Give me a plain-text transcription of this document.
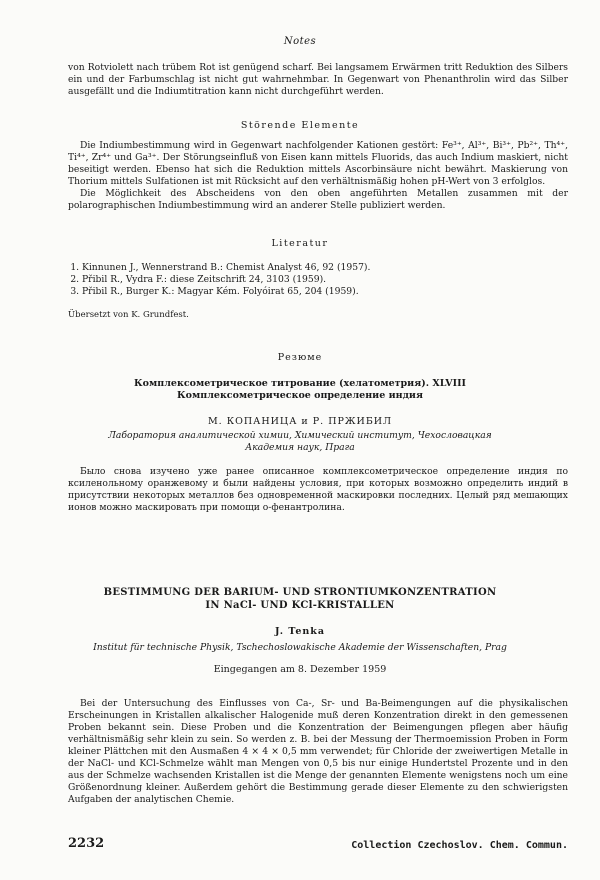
Notes

von Rotviolett nach trübem Rot ist genügend scharf. Bei langsamem Erwärmen tritt Reduktion des Silbers ein und der Farbumschlag ist nicht gut wahrnehmbar. In Gegenwart von Phenanthrolin wird das Silber ausgefällt und die Indiumtitration kann nicht durchgeführt werden.

Störende Elemente

Die Indiumbestimmung wird in Gegenwart nachfolgender Kationen gestört: Fe³⁺, Al³⁺, Bi³⁺, Pb²⁺, Th⁴⁺, Ti⁴⁺, Zr⁴⁺ und Ga³⁺. Der Störungseinfluß von Eisen kann mittels Fluorids, das auch Indium maskiert, nicht beseitigt werden. Ebenso hat sich die Reduktion mittels Ascorbinsäure nicht bewährt. Maskierung von Thorium mittels Sulfationen ist mit Rücksicht auf den verhältnismäßig hohen pH-Wert von 3 erfolglos.

Die Möglichkeit des Abscheidens von den oben angeführten Metallen zusammen mit der polarographischen Indiumbestimmung wird an anderer Stelle publiziert werden.

Literatur
1. Kinnunen J., Wennerstrand B.: Chemist Analyst 46, 92 (1957).
2. Přibil R., Vydra F.: diese Zeitschrift 24, 3103 (1959).
3. Přibil R., Burger K.: Magyar Kém. Folyóirat 65, 204 (1959).
Übersetzt von K. Grundfest.
Резюме
Комплексометрическое титрование (хелатометрия). XLVIII
Комплексометрическое определение индия
М. КОПАНИЦА и Р. ПРЖИБИЛ
Лаборатория аналитической химии, Химический институт, Чехословацкая Академия наук, Прага

Было снова изучено уже ранее описанное комплексометрическое определение индия по ксиленольному оранжевому и были найдены условия, при которых возможно определить индий в присутствии некоторых металлов без одновременной маскировки последних. Целый ряд мешающих ионов можно маскировать при помощи о-фенантролина.

BESTIMMUNG DER BARIUM- UND STRONTIUMKONZENTRATION
IN NaCl- UND KCl-KRISTALLEN
J. Tenka
Institut für technische Physik, Tschechoslowakische Akademie der Wissenschaften, Prag
Eingegangen am 8. Dezember 1959

Bei der Untersuchung des Einflusses von Ca-, Sr- und Ba-Beimengungen auf die physikalischen Erscheinungen in Kristallen alkalischer Halogenide muß deren Konzentration direkt in den gemessenen Proben bekannt sein. Diese Proben und die Konzentration der Beimengungen pflegen aber häufig verhältnismäßig sehr klein zu sein. So werden z. B. bei der Messung der Thermoemission Proben in Form kleiner Plättchen mit den Ausmaßen 4 × 4 × 0,5 mm verwendet; für Chloride der zweiwertigen Metalle in der NaCl- und KCl-Schmelze wählt man Mengen von 0,5 bis nur einige Hundertstel Prozente und in den aus der Schmelze wachsenden Kristallen ist die Menge der genannten Elemente wenigstens noch um eine Größenordnung kleiner. Außerdem gehört die Bestimmung gerade dieser Elemente zu den schwierigsten Aufgaben der analytischen Chemie.

2232	Collection Czechoslov. Chem. Commun.
